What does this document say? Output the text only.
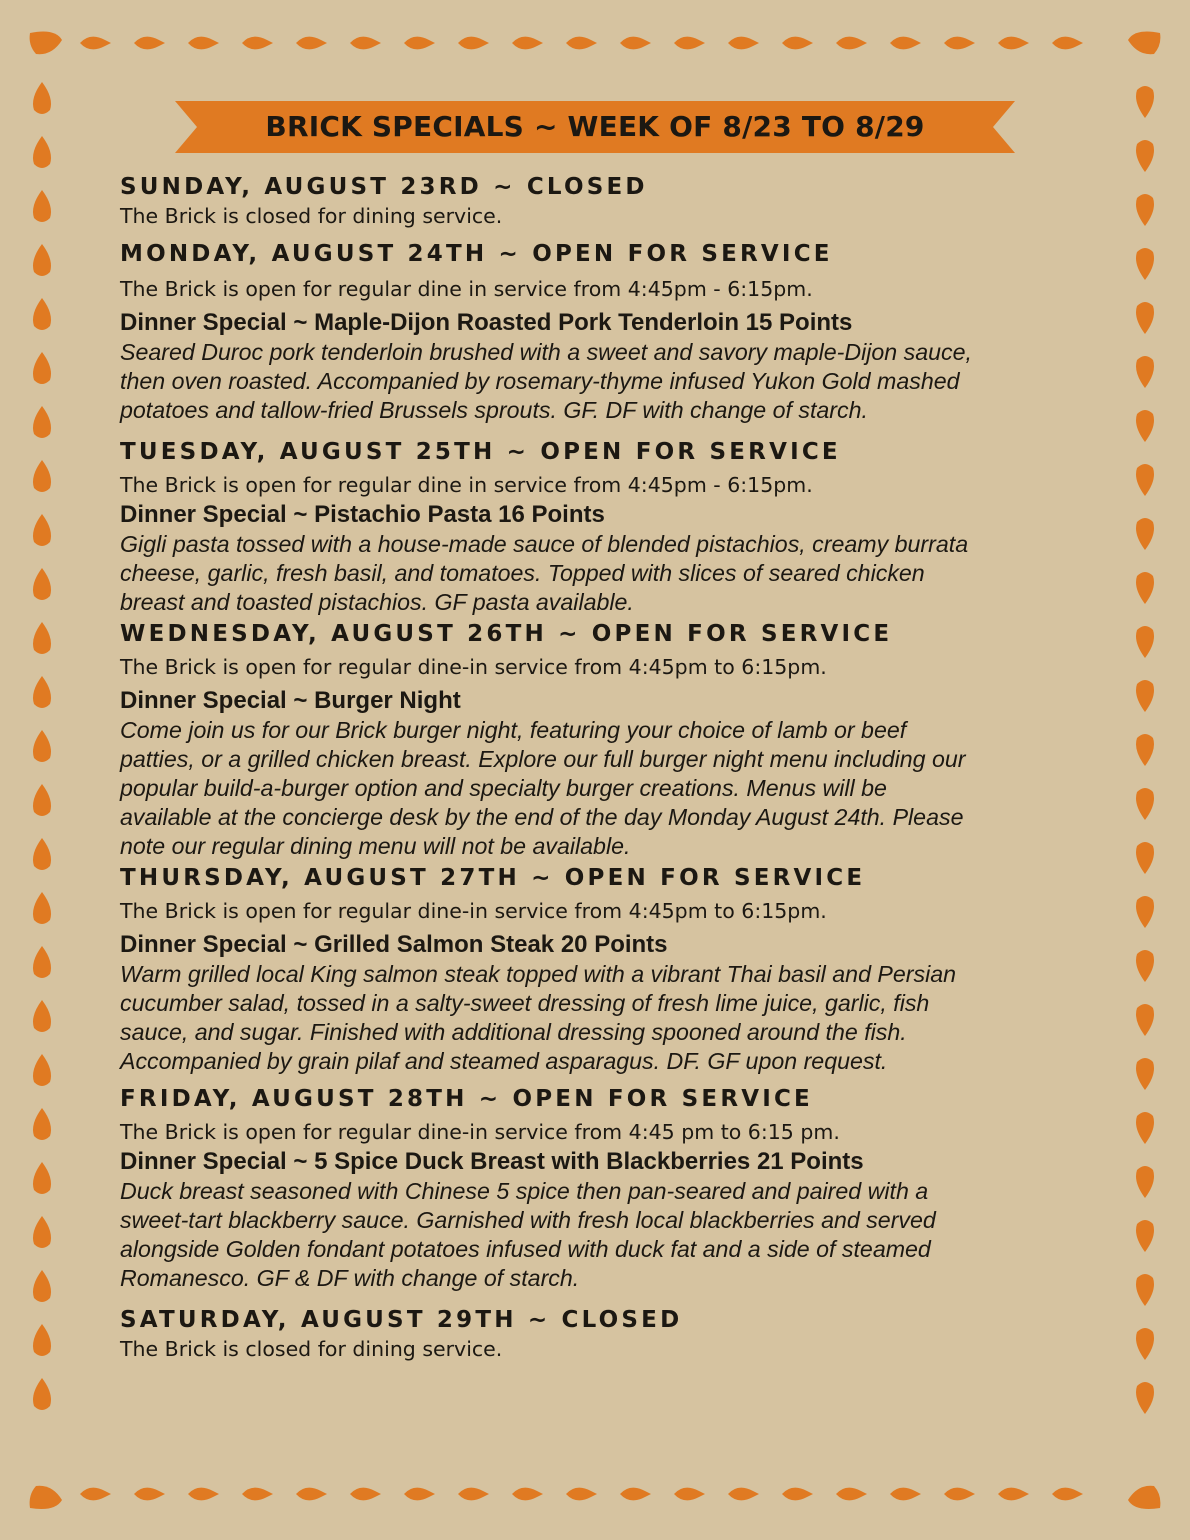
BRICK SPECIALS ~ WEEK OF 8/23 TO 8/29
SUNDAY, AUGUST 23RD ~ CLOSED
The Brick is closed for dining service.
MONDAY, AUGUST 24TH ~ OPEN FOR SERVICE
The Brick is open for regular dine in service from 4:45pm - 6:15pm.
Dinner Special ~ Maple-Dijon Roasted Pork Tenderloin 15 Points
Seared Duroc pork tenderloin brushed with a sweet and savory maple-Dijon sauce,
then oven roasted. Accompanied by rosemary-thyme infused Yukon Gold mashed
potatoes and tallow-fried Brussels sprouts. GF. DF with change of starch.
TUESDAY, AUGUST 25TH ~ OPEN FOR SERVICE
The Brick is open for regular dine in service from 4:45pm - 6:15pm.
Dinner Special ~ Pistachio Pasta 16 Points
Gigli pasta tossed with a house-made sauce of blended pistachios, creamy burrata
cheese, garlic, fresh basil, and tomatoes. Topped with slices of seared chicken
breast and toasted pistachios. GF pasta available.
WEDNESDAY, AUGUST 26TH ~ OPEN FOR SERVICE
The Brick is open for regular dine-in service from 4:45pm to 6:15pm.
Dinner Special ~ Burger Night
Come join us for our Brick burger night, featuring your choice of lamb or beef
patties, or a grilled chicken breast. Explore our full burger night menu including our
popular build-a-burger option and specialty burger creations. Menus will be
available at the concierge desk by the end of the day Monday August 24th. Please
note our regular dining menu will not be available.
THURSDAY, AUGUST 27TH ~ OPEN FOR SERVICE
The Brick is open for regular dine-in service from 4:45pm to 6:15pm.
Dinner Special ~ Grilled Salmon Steak 20 Points
Warm grilled local King salmon steak topped with a vibrant Thai basil and Persian
cucumber salad, tossed in a salty-sweet dressing of fresh lime juice, garlic, fish
sauce, and sugar. Finished with additional dressing spooned around the fish.
Accompanied by grain pilaf and steamed asparagus. DF. GF upon request.
FRIDAY, AUGUST 28TH ~ OPEN FOR SERVICE
The Brick is open for regular dine-in service from 4:45 pm to 6:15 pm.
Dinner Special ~ 5 Spice Duck Breast with Blackberries 21 Points
Duck breast seasoned with Chinese 5 spice then pan-seared and paired with a
sweet-tart blackberry sauce. Garnished with fresh local blackberries and served
alongside Golden fondant potatoes infused with duck fat and a side of steamed
Romanesco. GF & DF with change of starch.
SATURDAY, AUGUST 29TH ~ CLOSED
The Brick is closed for dining service.
